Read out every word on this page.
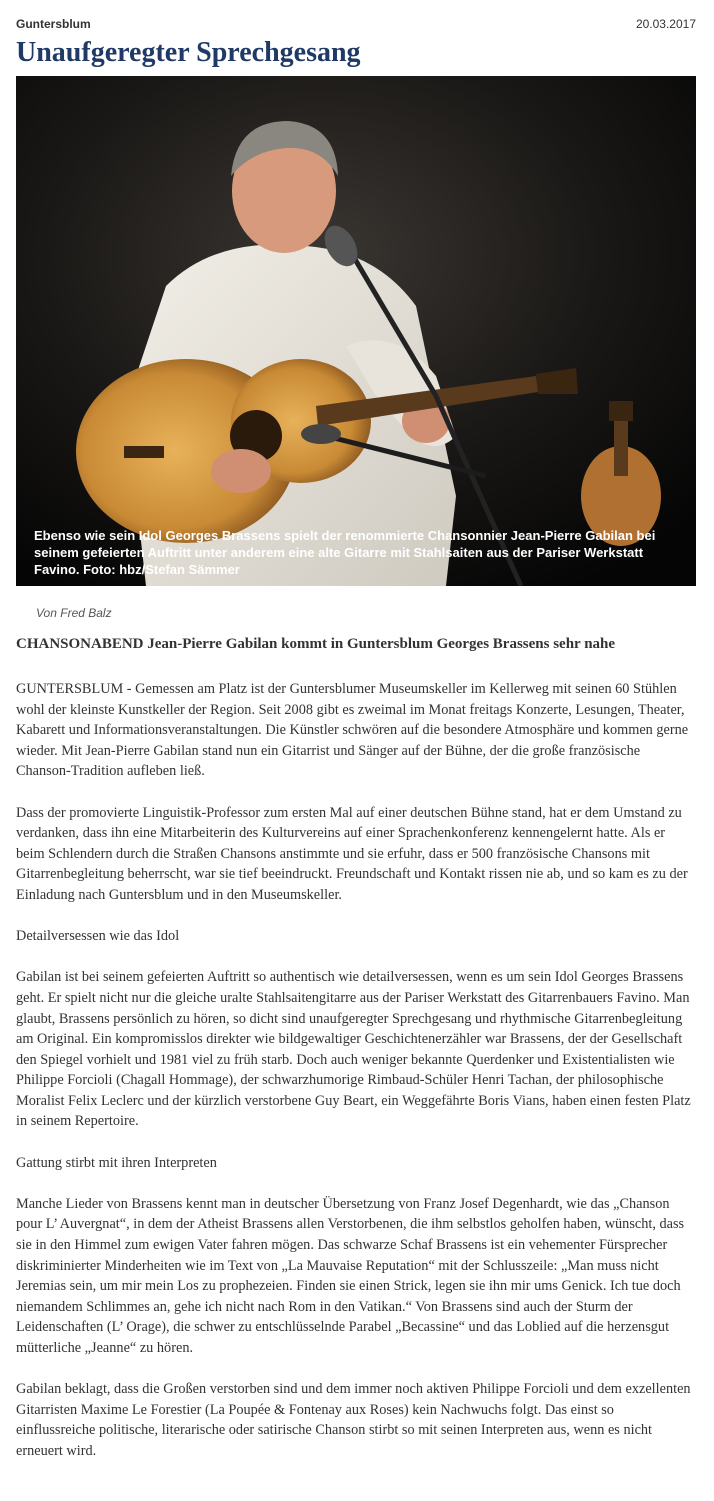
Guntersblum	20.03.2017
Unaufgeregter Sprechgesang
Ebenso wie sein Idol Georges Brassens spielt der renommierte Chansonnier Jean-Pierre Gabilan bei seinem gefeierten Auftritt unter anderem eine alte Gitarre mit Stahlsaiten aus der Pariser Werkstatt Favino. Foto: hbz/Stefan Sämmer
Von Fred Balz
CHANSONABEND Jean-Pierre Gabilan kommt in Guntersblum Georges Brassens sehr nahe

GUNTERSBLUM - Gemessen am Platz ist der Guntersblumer Museumskeller im Kellerweg mit seinen 60 Stühlen wohl der kleinste Kunstkeller der Region. Seit 2008 gibt es zweimal im Monat freitags Konzerte, Lesungen, Theater, Kabarett und Informationsveranstaltungen. Die Künstler schwören auf die besondere Atmosphäre und kommen gerne wieder. Mit Jean-Pierre Gabilan stand nun ein Gitarrist und Sänger auf der Bühne, der die große französische Chanson-Tradition aufleben ließ.

Dass der promovierte Linguistik-Professor zum ersten Mal auf einer deutschen Bühne stand, hat er dem Umstand zu verdanken, dass ihn eine Mitarbeiterin des Kulturvereins auf einer Sprachenkonferenz kennengelernt hatte. Als er beim Schlendern durch die Straßen Chansons anstimmte und sie erfuhr, dass er 500 französische Chansons mit Gitarrenbegleitung beherrscht, war sie tief beeindruckt. Freundschaft und Kontakt rissen nie ab, und so kam es zu der Einladung nach Guntersblum und in den Museumskeller.

Detailversessen wie das Idol

Gabilan ist bei seinem gefeierten Auftritt so authentisch wie detailversessen, wenn es um sein Idol Georges Brassens geht. Er spielt nicht nur die gleiche uralte Stahlsaitengitarre aus der Pariser Werkstatt des Gitarrenbauers Favino. Man glaubt, Brassens persönlich zu hören, so dicht sind unaufgeregter Sprechgesang und rhythmische Gitarrenbegleitung am Original. Ein kompromisslos direkter wie bildgewaltiger Geschichtenerzähler war Brassens, der der Gesellschaft den Spiegel vorhielt und 1981 viel zu früh starb. Doch auch weniger bekannte Querdenker und Existentialisten wie Philippe Forcioli (Chagall Hommage), der schwarzhumorige Rimbaud-Schüler Henri Tachan, der philosophische Moralist Felix Leclerc und der kürzlich verstorbene Guy Beart, ein Weggefährte Boris Vians, haben einen festen Platz in seinem Repertoire.

Gattung stirbt mit ihren Interpreten

Manche Lieder von Brassens kennt man in deutscher Übersetzung von Franz Josef Degenhardt, wie das „Chanson pour L’ Auvergnat“, in dem der Atheist Brassens allen Verstorbenen, die ihm selbstlos geholfen haben, wünscht, dass sie in den Himmel zum ewigen Vater fahren mögen. Das schwarze Schaf Brassens ist ein vehementer Fürsprecher diskriminierter Minderheiten wie im Text von „La Mauvaise Reputation“ mit der Schlusszeile: „Man muss nicht Jeremias sein, um mir mein Los zu prophezeien. Finden sie einen Strick, legen sie ihn mir ums Genick. Ich tue doch niemandem Schlimmes an, gehe ich nicht nach Rom in den Vatikan.“ Von Brassens sind auch der Sturm der Leidenschaften (L’ Orage), die schwer zu entschlüsselnde Parabel „Becassine“ und das Loblied auf die herzensgut mütterliche „Jeanne“ zu hören.

Gabilan beklagt, dass die Großen verstorben sind und dem immer noch aktiven Philippe Forcioli und dem exzellenten Gitarristen Maxime Le Forestier (La Poupée & Fontenay aux Roses) kein Nachwuchs folgt. Das einst so einflussreiche politische, literarische oder satirische Chanson stirbt so mit seinen Interpreten aus, wenn es nicht erneuert wird.
